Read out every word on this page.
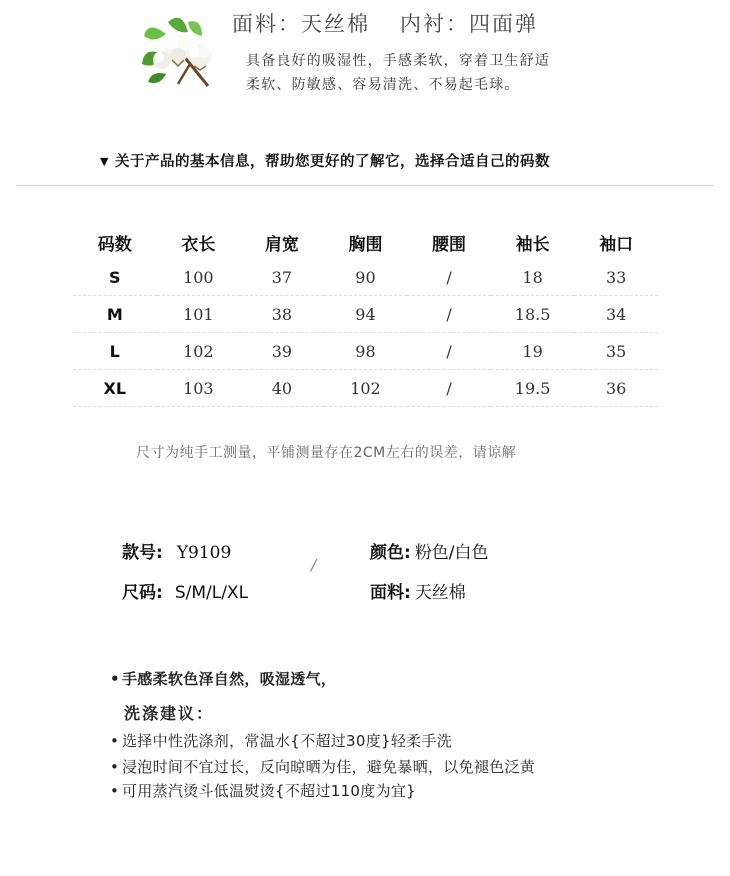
面料：天丝棉 内衬：四面弹
具备良好的吸湿性，手感柔软，穿着卫生舒适
柔软、防敏感、容易清洗、不易起毛球。
▼ 关于产品的基本信息，帮助您更好的了解它，选择合适自己的码数
码数	衣长	肩宽	胸围	腰围	袖长	袖口
S	100	37	90	/	18	33
M	101	38	94	/	18.5	34
L	102	39	98	/	19	35
XL	103	40	102	/	19.5	36
尺寸为纯手工测量，平铺测量存在2CM左右的误差，请谅解
款号: Y9109	颜色: 粉色/白色
/
尺码: S/M/L/XL	面料: 天丝棉
• 手感柔软色泽自然，吸湿透气，
洗涤建议：
• 选择中性洗涤剂，常温水{不超过30度}轻柔手洗
• 浸泡时间不宜过长，反向晾晒为佳，避免暴晒，以免褪色泛黄
• 可用蒸汽烫斗低温熨烫{不超过110度为宜}
